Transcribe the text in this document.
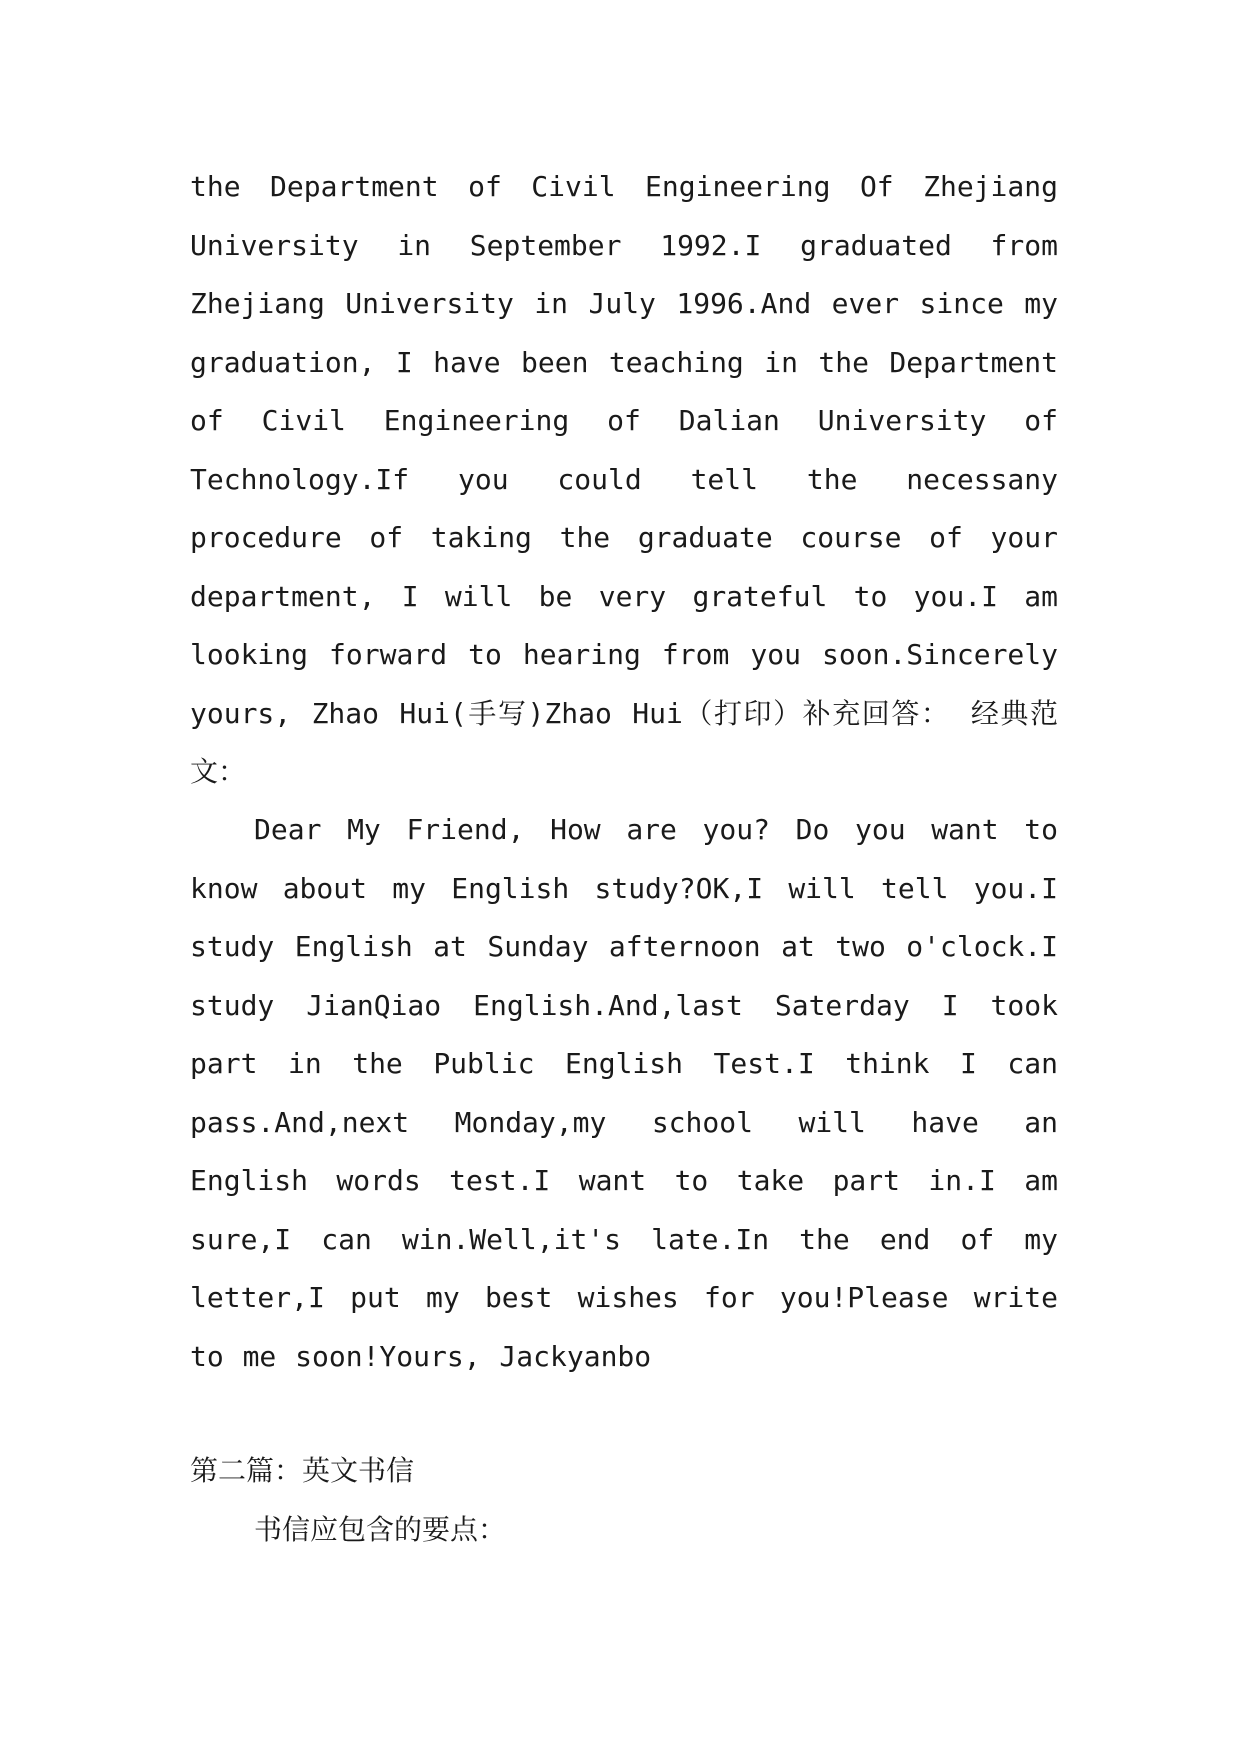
the Department of Civil Engineering Of Zhejiang University in September 1992.I graduated from Zhejiang University in July 1996.And ever since my graduation, I have been teaching in the Department of Civil Engineering of Dalian University of Technology.If you could tell the necessany procedure of taking the graduate course of your department, I will be very grateful to you.I am looking forward to hearing from you soon.Sincerely yours, Zhao Hui(手写)Zhao Hui（打印）补充回答： 经典范文：

Dear My Friend, How are you? Do you want to know about my English study?OK,I will tell you.I study English at Sunday afternoon at two o'clock.I study JianQiao English.And,last Saterday I took part in the Public English Test.I think I can pass.And,next Monday,my school will have an English words test.I want to take part in.I am sure,I can win.Well,it's late.In the end of my letter,I put my best wishes for you!Please write to me soon!Yours, Jackyanbo

第二篇：英文书信

书信应包含的要点：
